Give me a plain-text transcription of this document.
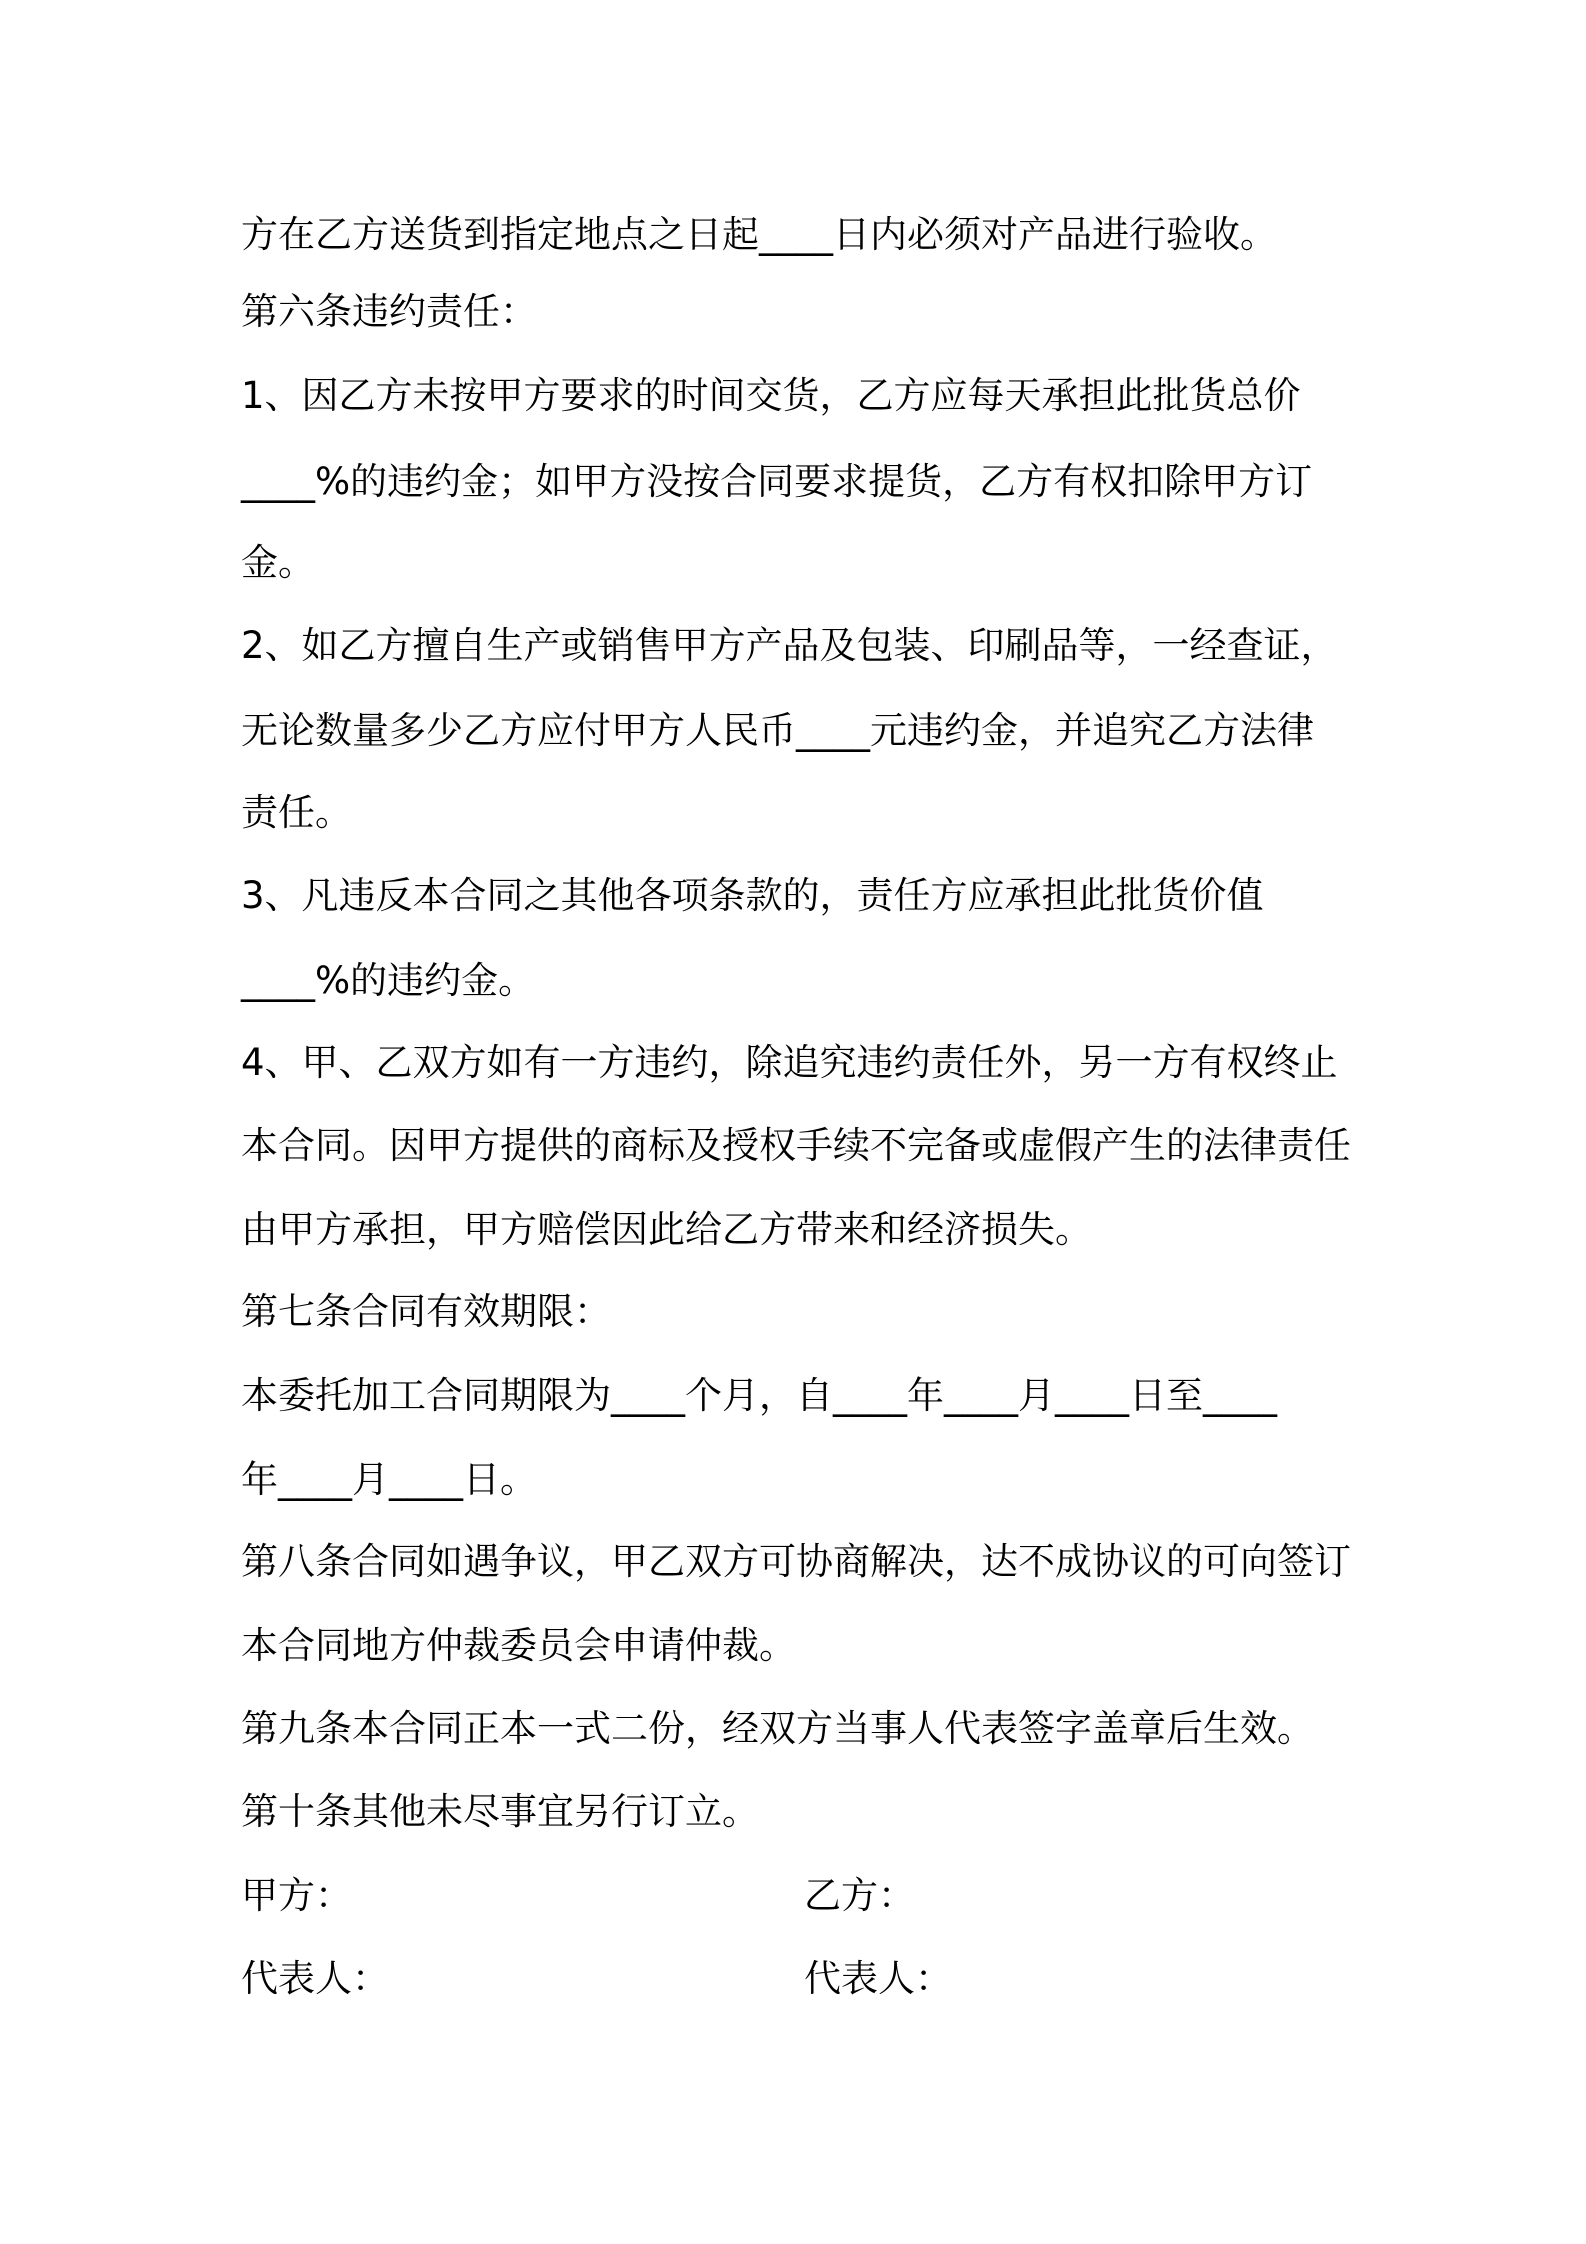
方在乙方送货到指定地点之日起____日内必须对产品进行验收。
第六条违约责任：
1、因乙方未按甲方要求的时间交货，乙方应每天承担此批货总价
____%的违约金；如甲方没按合同要求提货，乙方有权扣除甲方订
金。
2、如乙方擅自生产或销售甲方产品及包装、印刷品等，一经查证，
无论数量多少乙方应付甲方人民币____元违约金，并追究乙方法律
责任。
3、凡违反本合同之其他各项条款的，责任方应承担此批货价值
____%的违约金。
4、甲、乙双方如有一方违约，除追究违约责任外，另一方有权终止
本合同。因甲方提供的商标及授权手续不完备或虚假产生的法律责任
由甲方承担，甲方赔偿因此给乙方带来和经济损失。
第七条合同有效期限：
本委托加工合同期限为____个月，自____年____月____日至____
年____月____日。
第八条合同如遇争议，甲乙双方可协商解决，达不成协议的可向签订
本合同地方仲裁委员会申请仲裁。
第九条本合同正本一式二份，经双方当事人代表签字盖章后生效。
第十条其他未尽事宜另行订立。
甲方：	乙方：
代表人：	代表人：
